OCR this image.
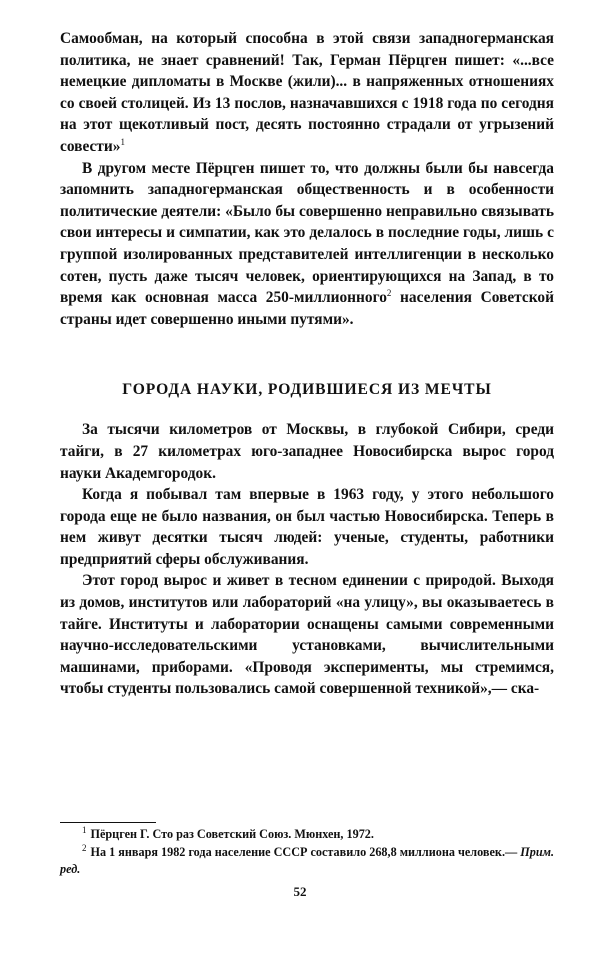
Самообман, на который способна в этой связи западногерманская политика, не знает сравнений! Так, Герман Пёрцген пишет: «...все немецкие дипломаты в Москве (жили)... в напряженных отношениях со своей столицей. Из 13 послов, назначавшихся с 1918 года по сегодня на этот щекотливый пост, десять постоянно страдали от угрызений совести»$^1$

В другом месте Пёрцген пишет то, что должны были бы навсегда запомнить западногерманская общественность и в особенности политические деятели: «Было бы совершенно неправильно связывать свои интересы и симпатии, как это делалось в последние годы, лишь с группой изолированных представителей интеллигенции в несколько сотен, пусть даже тысяч человек, ориентирующихся на Запад, в то время как основная масса 250-миллионного$^2$ населения Советской страны идет совершенно иными путями».

ГОРОДА НАУКИ, РОДИВШИЕСЯ ИЗ МЕЧТЫ

За тысячи километров от Москвы, в глубокой Сибири, среди тайги, в 27 километрах юго-западнее Новосибирска вырос город науки Академгородок.

Когда я побывал там впервые в 1963 году, у этого небольшого города еще не было названия, он был частью Новосибирска. Теперь в нем живут десятки тысяч людей: ученые, студенты, работники предприятий сферы обслуживания.

Этот город вырос и живет в тесном единении с природой. Выходя из домов, институтов или лабораторий «на улицу», вы оказываетесь в тайге. Институты и лаборатории оснащены самыми современными научно-исследовательскими установками, вычислительными машинами, приборами. «Проводя эксперименты, мы стремимся, чтобы студенты пользовались самой совершенной техникой»,— ска-

$^1$ Пёрцген Г. Сто раз Советский Союз. Мюнхен, 1972.

$^2$ На 1 января 1982 года население СССР составило 268,8 миллиона человек.— Прим. ред.

52
